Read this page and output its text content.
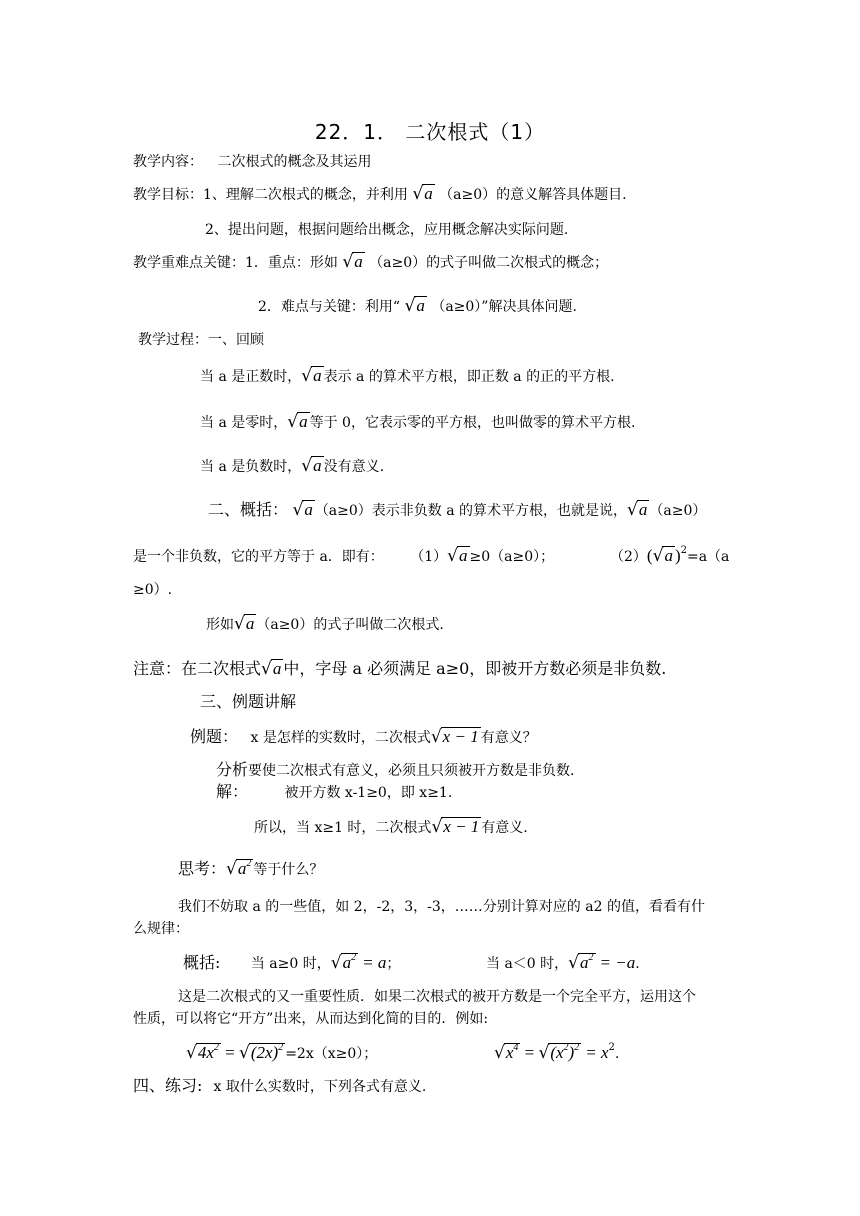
22．1． 二次根式（1）
教学内容： 二次根式的概念及其运用
教学目标：1、理解二次根式的概念，并利用 √a （a≥0）的意义解答具体题目.
2、提出问题，根据问题给出概念，应用概念解决实际问题.
教学重难点关键：1．重点：形如 √a （a≥0）的式子叫做二次根式的概念；
2．难点与关键：利用“ √a （a≥0）”解决具体问题.
教学过程：一、回顾
当 a 是正数时，√a 表示 a 的算术平方根，即正数 a 的正的平方根.
当 a 是零时，√a 等于 0，它表示零的平方根，也叫做零的算术平方根.
当 a 是负数时，√a 没有意义.
二、概括： √a （a≥0）表示非负数 a 的算术平方根，也就是说，√a （a≥0）
是一个非负数，它的平方等于 a．即有： （1）√a ≥0（a≥0）；	（2）(√a )$^2$=a（a
≥0）.
形如√a （a≥0）的式子叫做二次根式.
注意：在二次根式√a 中，字母 a 必须满足 a≥0，即被开方数必须是非负数.
三、例题讲解
例题： x 是怎样的实数时，二次根式√x − 1 有意义？
分析要使二次根式有意义，必须且只须被开方数是非负数.
解：	被开方数 x-1≥0，即 x≥1.
所以，当 x≥1 时，二次根式√x − 1 有意义.
思考：$√a^2$ 等于什么？
我们不妨取 a 的一些值，如 2，-2，3，-3，……分别计算对应的 a2 的值，看看有什
么规律：
概括: 当 a≥0 时，$√a^2 = a$；	当 a＜0 时，$√a^2 = -a$.
这是二次根式的又一重要性质．如果二次根式的被开方数是一个完全平方，运用这个
性质，可以将它“开方”出来，从而达到化简的目的．例如:
$√4x^2 = √(2x)^2 =2x(x\ge 0)$；	$√x^4 = √(x^2)^2 = x^2$.
四、练习: x 取什么实数时，下列各式有意义.
